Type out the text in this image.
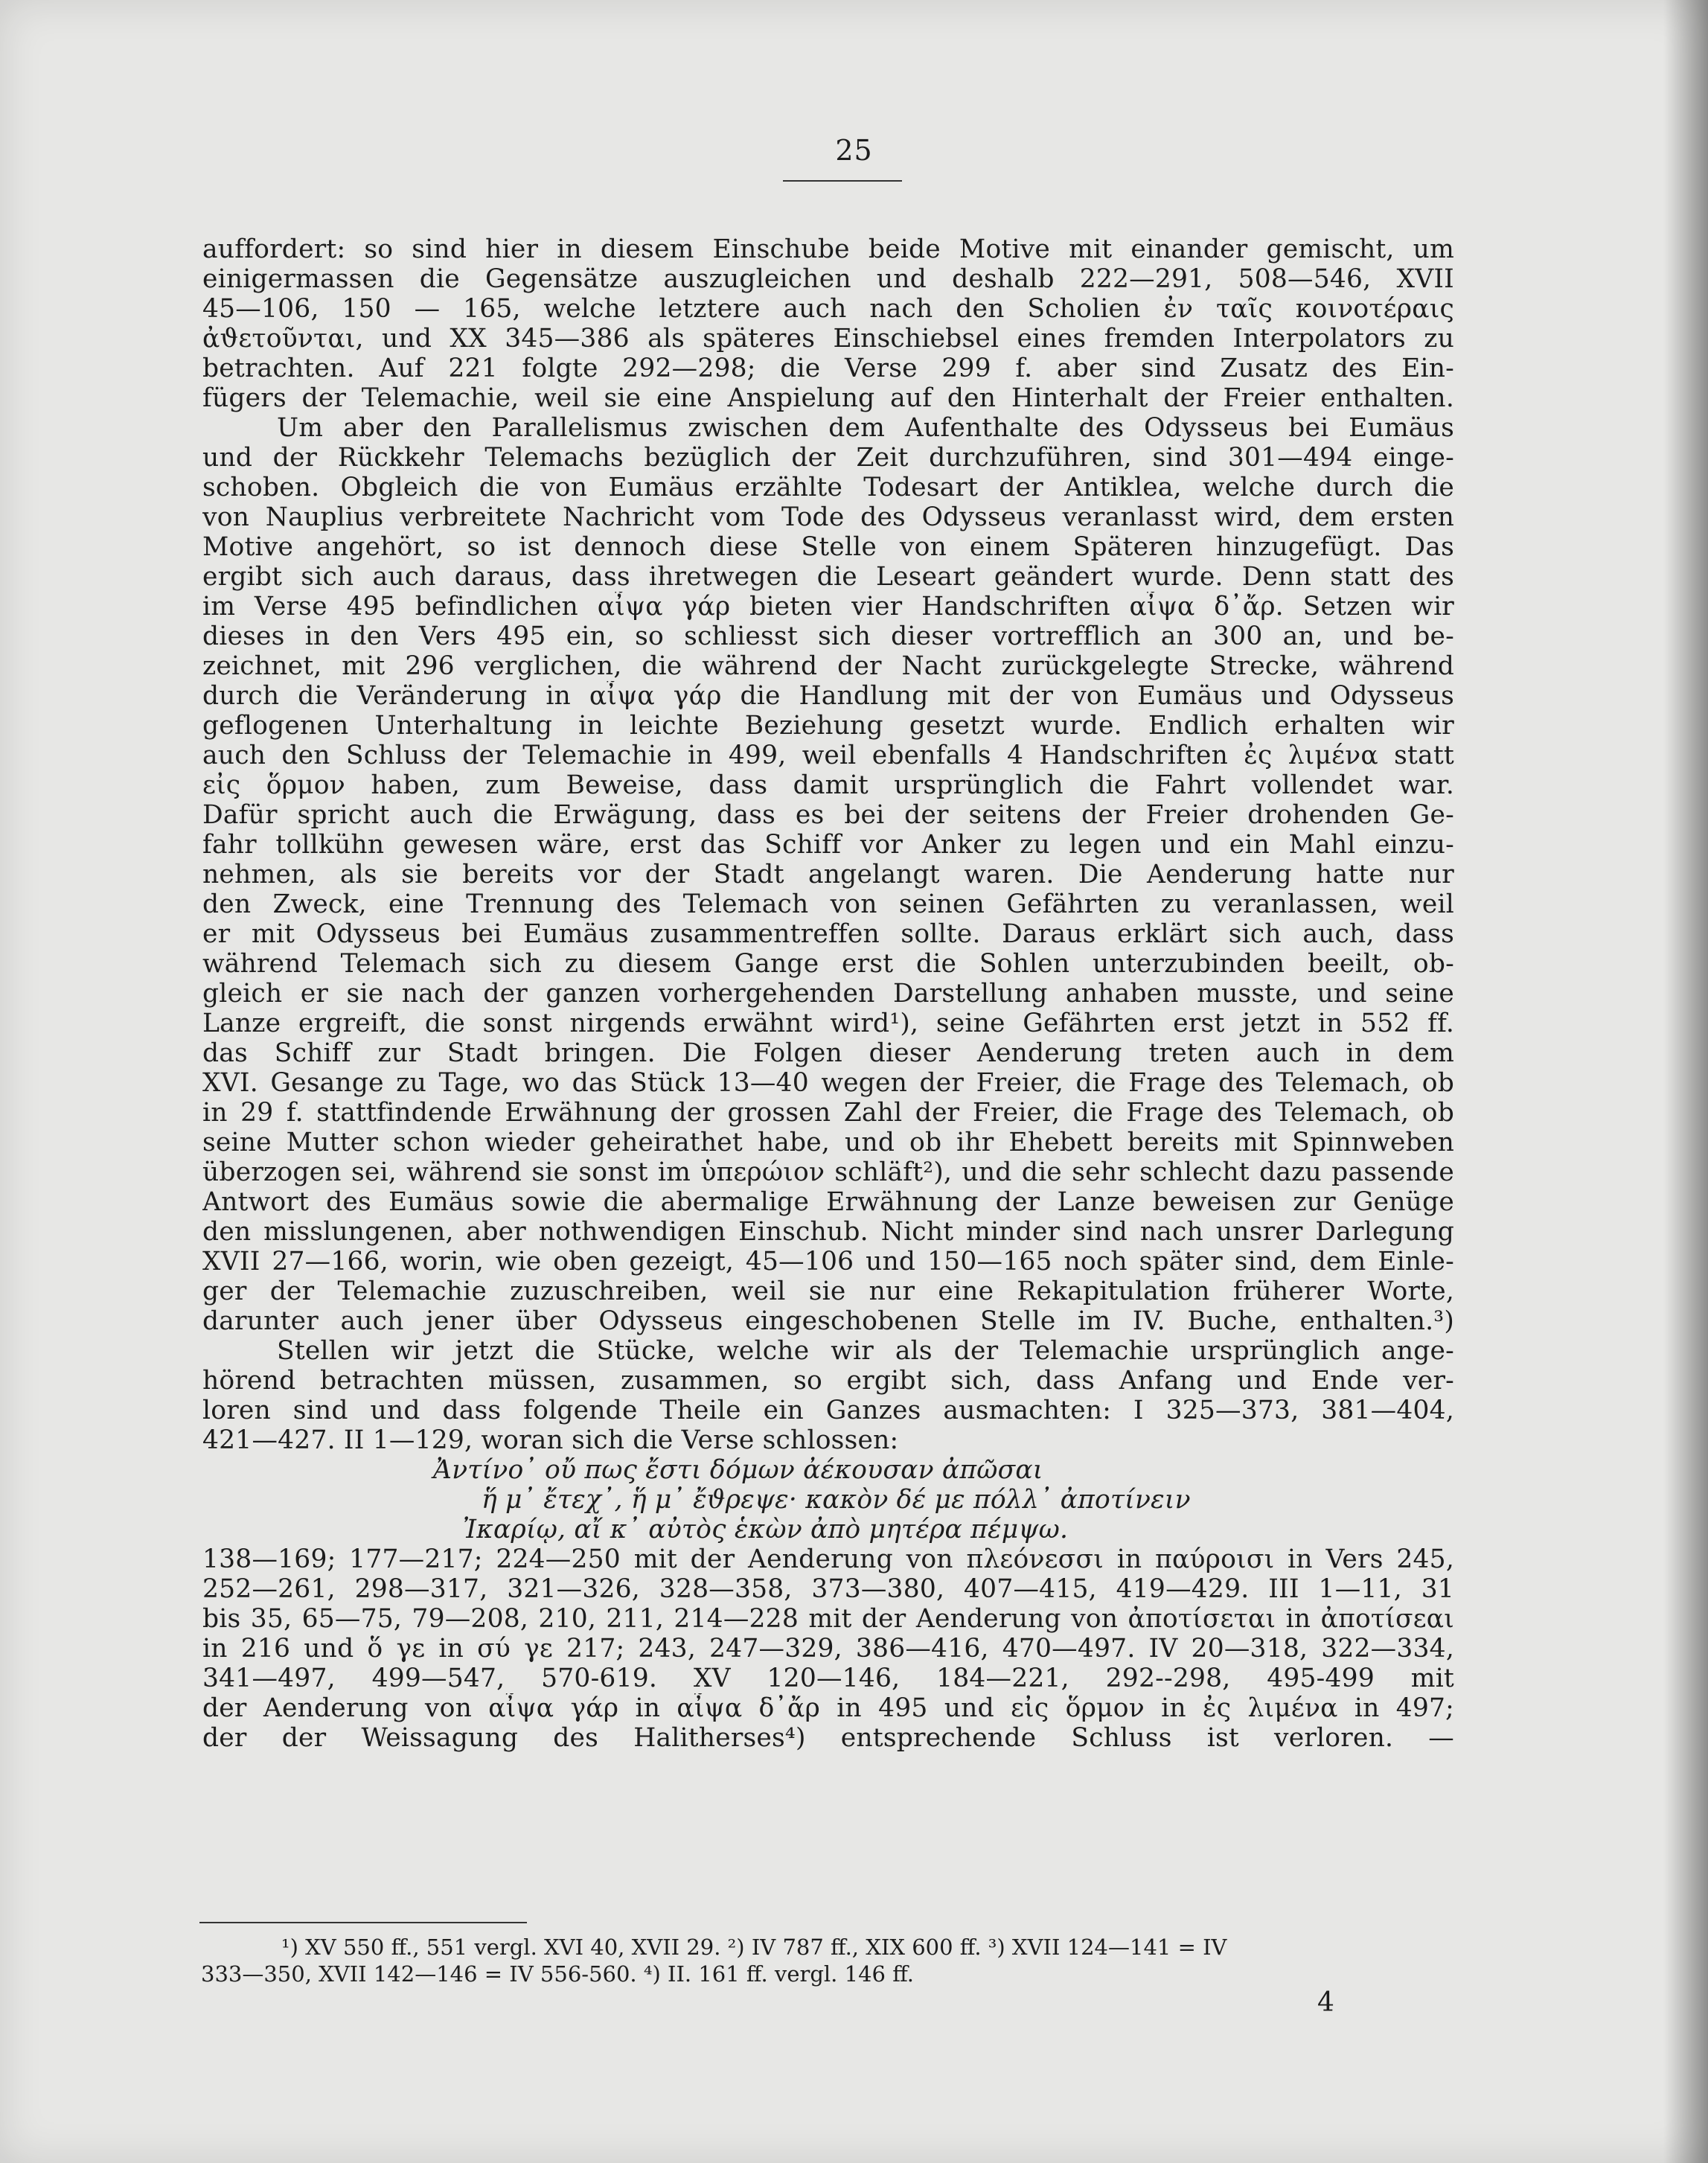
25
auffordert: so sind hier in diesem Einschube beide Motive mit einander gemischt, um
einigermassen die Gegensätze auszugleichen und deshalb 222—291, 508—546, XVII
45—106, 150 — 165, welche letztere auch nach den Scholien ἐν ταῖς κοινοτέραις
ἀϑετοῦνται, und XX 345—386 als späteres Einschiebsel eines fremden Interpolators zu
betrachten. Auf 221 folgte 292—298; die Verse 299 f. aber sind Zusatz des Ein-
fügers der Telemachie, weil sie eine Anspielung auf den Hinterhalt der Freier enthalten.
Um aber den Parallelismus zwischen dem Aufenthalte des Odysseus bei Eumäus
und der Rückkehr Telemachs bezüglich der Zeit durchzuführen, sind 301—494 einge-
schoben. Obgleich die von Eumäus erzählte Todesart der Antiklea, welche durch die
von Nauplius verbreitete Nachricht vom Tode des Odysseus veranlasst wird, dem ersten
Motive angehört, so ist dennoch diese Stelle von einem Späteren hinzugefügt. Das
ergibt sich auch daraus, dass ihretwegen die Leseart geändert wurde. Denn statt des
im Verse 495 befindlichen αἶψα γάρ bieten vier Handschriften αἶψα δ᾽ἄρ. Setzen wir
dieses in den Vers 495 ein, so schliesst sich dieser vortrefflich an 300 an, und be-
zeichnet, mit 296 verglichen, die während der Nacht zurückgelegte Strecke, während
durch die Veränderung in αἶψα γάρ die Handlung mit der von Eumäus und Odysseus
geflogenen Unterhaltung in leichte Beziehung gesetzt wurde. Endlich erhalten wir
auch den Schluss der Telemachie in 499, weil ebenfalls 4 Handschriften ἐς λιμένα statt
εἰς ὅρμον haben, zum Beweise, dass damit ursprünglich die Fahrt vollendet war.
Dafür spricht auch die Erwägung, dass es bei der seitens der Freier drohenden Ge-
fahr tollkühn gewesen wäre, erst das Schiff vor Anker zu legen und ein Mahl einzu-
nehmen, als sie bereits vor der Stadt angelangt waren. Die Aenderung hatte nur
den Zweck, eine Trennung des Telemach von seinen Gefährten zu veranlassen, weil
er mit Odysseus bei Eumäus zusammentreffen sollte. Daraus erklärt sich auch, dass
während Telemach sich zu diesem Gange erst die Sohlen unterzubinden beeilt, ob-
gleich er sie nach der ganzen vorhergehenden Darstellung anhaben musste, und seine
Lanze ergreift, die sonst nirgends erwähnt wird¹), seine Gefährten erst jetzt in 552 ff.
das Schiff zur Stadt bringen. Die Folgen dieser Aenderung treten auch in dem
XVI. Gesange zu Tage, wo das Stück 13—40 wegen der Freier, die Frage des Telemach, ob
in 29 f. stattfindende Erwähnung der grossen Zahl der Freier, die Frage des Telemach, ob
seine Mutter schon wieder geheirathet habe, und ob ihr Ehebett bereits mit Spinnweben
überzogen sei, während sie sonst im ὑπερώιον schläft²), und die sehr schlecht dazu passende
Antwort des Eumäus sowie die abermalige Erwähnung der Lanze beweisen zur Genüge
den misslungenen, aber nothwendigen Einschub. Nicht minder sind nach unsrer Darlegung
XVII 27—166, worin, wie oben gezeigt, 45—106 und 150—165 noch später sind, dem Einle-
ger der Telemachie zuzuschreiben, weil sie nur eine Rekapitulation früherer Worte,
darunter auch jener über Odysseus eingeschobenen Stelle im IV. Buche, enthalten.³)
Stellen wir jetzt die Stücke, welche wir als der Telemachie ursprünglich ange-
hörend betrachten müssen, zusammen, so ergibt sich, dass Anfang und Ende ver-
loren sind und dass folgende Theile ein Ganzes ausmachten: I 325—373, 381—404,
421—427. II 1—129, woran sich die Verse schlossen:
Ἀντίνο᾽ οὔ πως ἔστι δόμων ἀέκουσαν ἀπῶσαι
ἥ μ᾽ ἔτεχ᾽, ἥ μ᾽ ἔϑρεψε· κακὸν δέ με πόλλ᾽ ἀποτίνειν
Ἰκαρίῳ, αἴ κ᾽ αὐτὸς ἑκὼν ἀπὸ μητέρα πέμψω.
138—169; 177—217; 224—250 mit der Aenderung von πλεόνεσσι in παύροισι in Vers 245,
252—261, 298—317, 321—326, 328—358, 373—380, 407—415, 419—429. III 1—11, 31
bis 35, 65—75, 79—208, 210, 211, 214—228 mit der Aenderung von ἀποτίσεται in ἀποτίσεαι
in 216 und ὅ γε in σύ γε 217; 243, 247—329, 386—416, 470—497. IV 20—318, 322—334,
341—497, 499—547, 570-619. XV 120—146, 184—221, 292--298, 495-499 mit
der Aenderung von αἶψα γάρ in αἶψα δ᾽ἄρ in 495 und εἰς ὅρμον in ἐς λιμένα in 497;
der der Weissagung des Halitherses⁴) entsprechende Schluss ist verloren. —
¹) XV 550 ff., 551 vergl. XVI 40, XVII 29. ²) IV 787 ff., XIX 600 ff. ³) XVII 124—141 = IV
333—350, XVII 142—146 = IV 556-560. ⁴) II. 161 ff. vergl. 146 ff.
4
